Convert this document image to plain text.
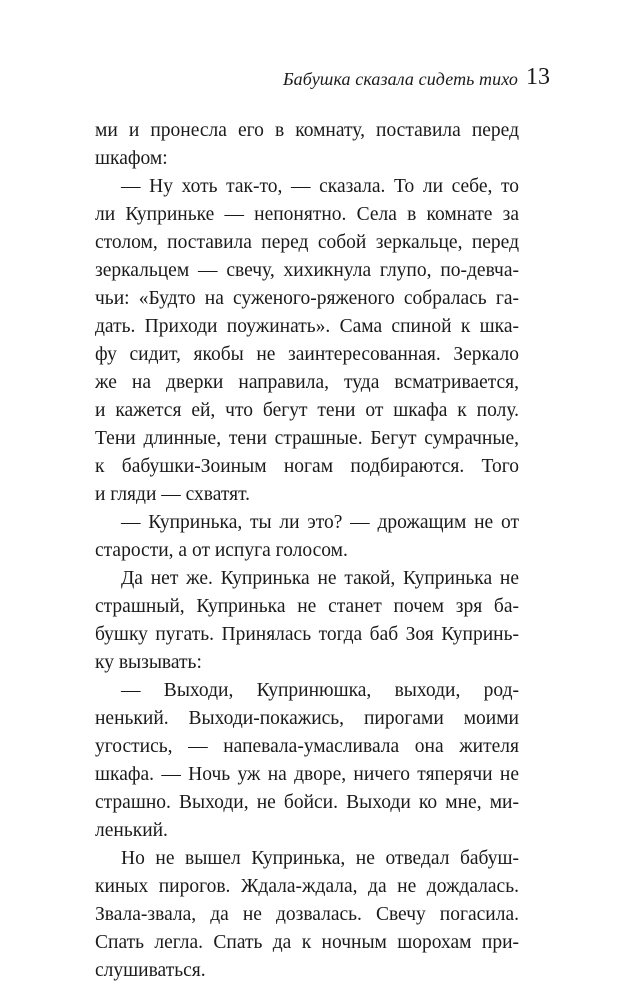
Бабушка сказала сидеть тихо 13
ми и пронесла его в комнату, поставила перед
шкафом:
— Ну хоть так-то, — сказала. То ли себе, то
ли Куприньке — непонятно. Села в комнате за
столом, поставила перед собой зеркальце, перед
зеркальцем — свечу, хихикнула глупо, по-девча-
чьи: «Будто на суженого-ряженого собралась га-
дать. Приходи поужинать». Сама спиной к шка-
фу сидит, якобы не заинтересованная. Зеркало
же на дверки направила, туда всматривается,
и кажется ей, что бегут тени от шкафа к полу.
Тени длинные, тени страшные. Бегут сумрачные,
к бабушки-Зоиным ногам подбираются. Того
и гляди — схватят.
— Купринька, ты ли это? — дрожащим не от
старости, а от испуга голосом.
Да нет же. Купринька не такой, Купринька не
страшный, Купринька не станет почем зря ба-
бушку пугать. Принялась тогда баб Зоя Купринь-
ку вызывать:
— Выходи, Купринюшка, выходи, род-
ненький. Выходи-покажись, пирогами моими
угостись, — напевала-умасливала она жителя
шкафа. — Ночь уж на дворе, ничего тяперячи не
страшно. Выходи, не бойси. Выходи ко мне, ми-
ленький.
Но не вышел Купринька, не отведал бабуш-
киных пирогов. Ждала-ждала, да не дождалась.
Звала-звала, да не дозвалась. Свечу погасила.
Спать легла. Спать да к ночным шорохам при-
слушиваться.
